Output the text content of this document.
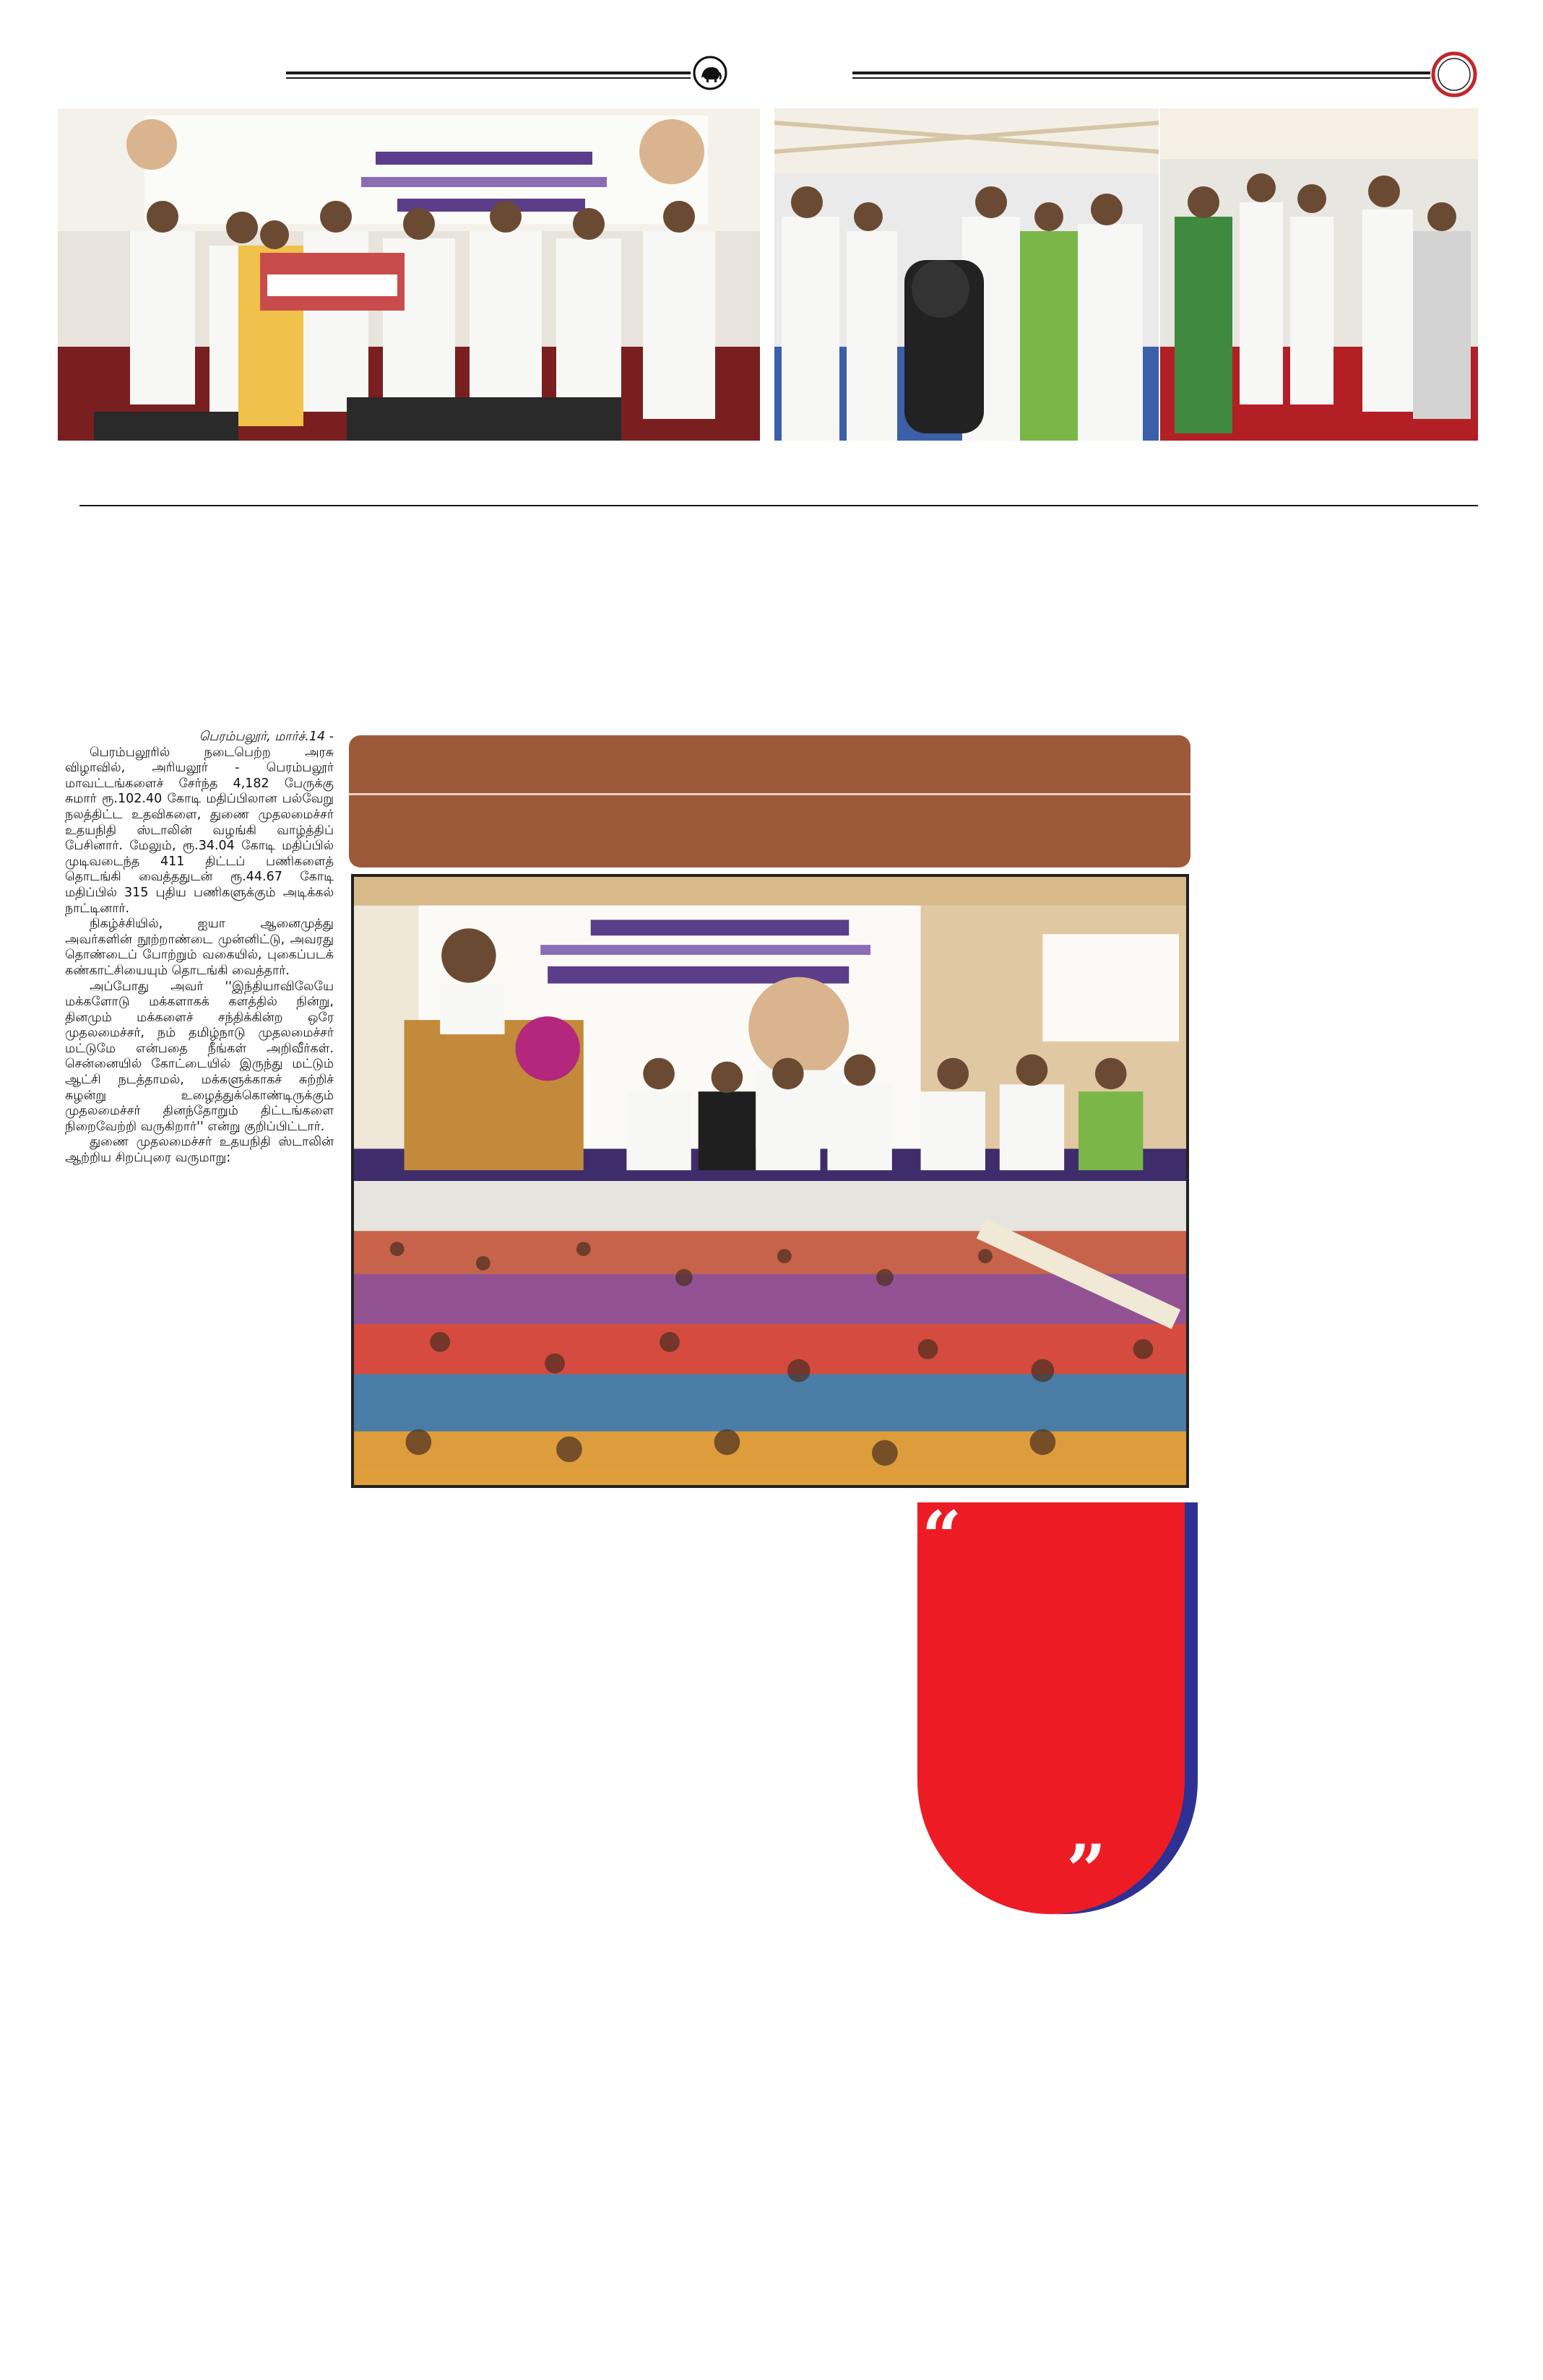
பெரம்பலூர், மார்ச்.14 -

பெரம்பலூரில் நடைபெற்ற அரசு விழாவில், அரியலூர் - பெரம்பலூர் மாவட்டங்களைச் சேர்ந்த 4,182 பேருக்கு சுமார் ரூ.102.40 கோடி மதிப்பிலான பல்வேறு நலத்திட்ட உதவிகளை, துணை முதலமைச்சர் உதயநிதி ஸ்டாலின் வழங்கி வாழ்த்திப் பேசினார். மேலும், ரூ.34.04 கோடி மதிப்பில் முடிவடைந்த 411 திட்டப் பணிகளைத் தொடங்கி வைத்ததுடன் ரூ.44.67 கோடி மதிப்பில் 315 புதிய பணிகளுக்கும் அடிக்கல் நாட்டினார்.

நிகழ்ச்சியில், ஐயா ஆனைமுத்து அவர்களின் நூற்றாண்டை முன்னிட்டு, அவரது தொண்டைப் போற்றும் வகையில், புகைப்படக் கண்காட்சியையும் தொடங்கி வைத்தார்.

அப்போது அவர் ''இந்தியாவிலேயே மக்களோடு மக்களாகக் களத்தில் நின்று, தினமும் மக்களைச் சந்திக்கின்ற ஒரே முதலமைச்சர், நம் தமிழ்நாடு முதலமைச்சர் மட்டுமே என்பதை நீங்கள் அறிவீர்கள். சென்னையில் கோட்டையில் இருந்து மட்டும் ஆட்சி நடத்தாமல், மக்களுக்காகச் சுற்றிச் சுழன்று உழைத்துக்கொண்டிருக்கும் முதலமைச்சர் தினந்தோறும் திட்டங்களை நிறைவேற்றி வருகிறார்'' என்று குறிப்பிட்டார்.

துணை முதலமைச்சர் உதயநிதி ஸ்டாலின் ஆற்றிய சிறப்புரை வருமாறு:

“
”
